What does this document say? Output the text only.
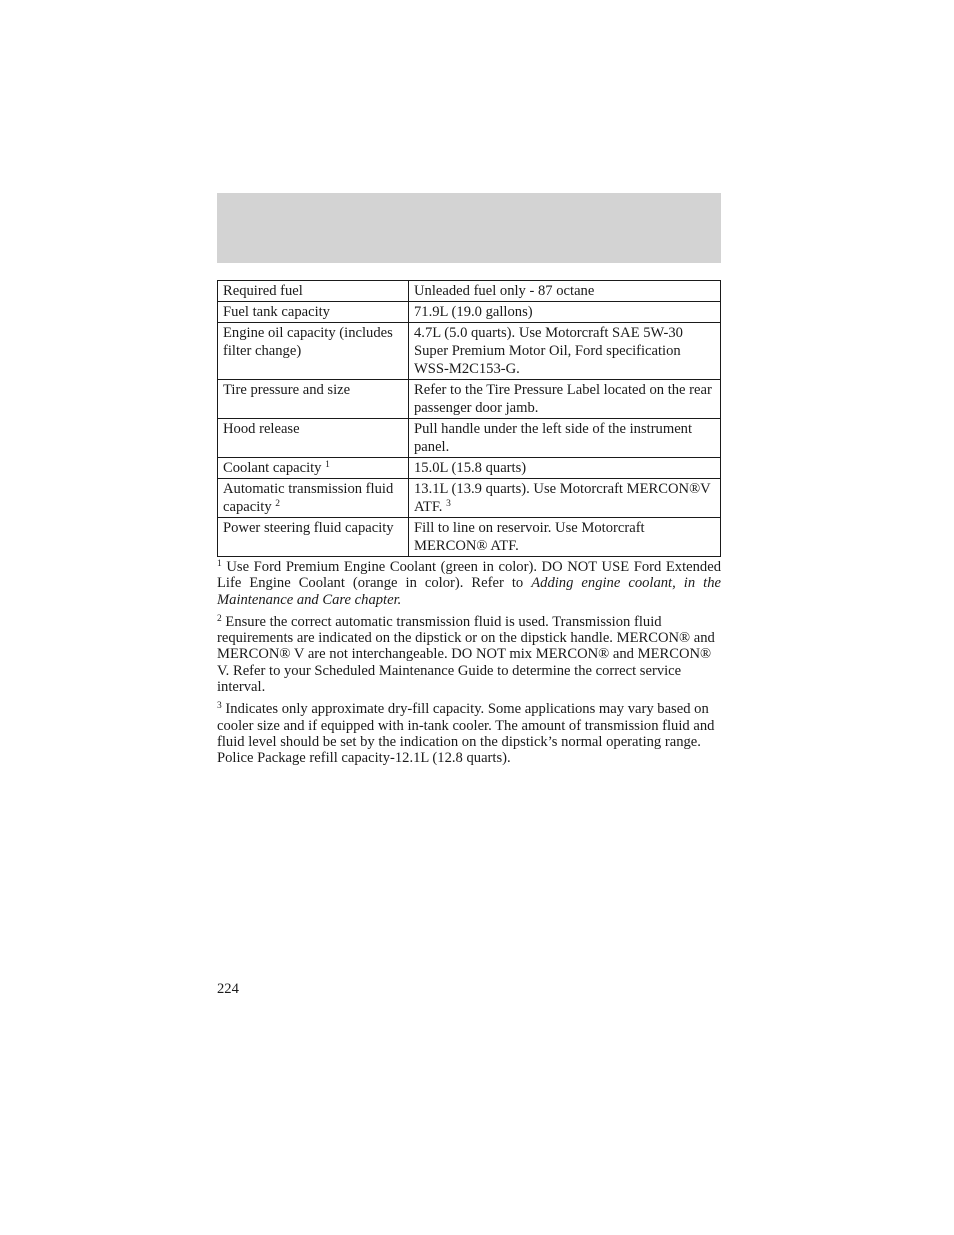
Required fuel	Unleaded fuel only - 87 octane
Fuel tank capacity	71.9L (19.0 gallons)
Engine oil capacity (includes filter change)	4.7L (5.0 quarts). Use Motorcraft SAE 5W-30 Super Premium Motor Oil, Ford specification WSS-M2C153-G.
Tire pressure and size	Refer to the Tire Pressure Label located on the rear passenger door jamb.
Hood release	Pull handle under the left side of the instrument panel.
Coolant capacity $^1$	15.0L (15.8 quarts)
Automatic transmission fluid capacity $^2$	13.1L (13.9 quarts). Use Motorcraft MERCON®V ATF. $^3$
Power steering fluid capacity	Fill to line on reservoir. Use Motorcraft MERCON® ATF.

$^1$ Use Ford Premium Engine Coolant (green in color). DO NOT USE Ford Extended Life Engine Coolant (orange in color). Refer to Adding engine coolant, in the Maintenance and Care chapter.

$^2$ Ensure the correct automatic transmission fluid is used. Transmission fluid requirements are indicated on the dipstick or on the dipstick handle. MERCON® and MERCON® V are not interchangeable. DO NOT mix MERCON® and MERCON® V. Refer to your Scheduled Maintenance Guide to determine the correct service interval.

$^3$ Indicates only approximate dry-fill capacity. Some applications may vary based on cooler size and if equipped with in-tank cooler. The amount of transmission fluid and fluid level should be set by the indication on the dipstick’s normal operating range. Police Package refill capacity-12.1L (12.8 quarts).

224
